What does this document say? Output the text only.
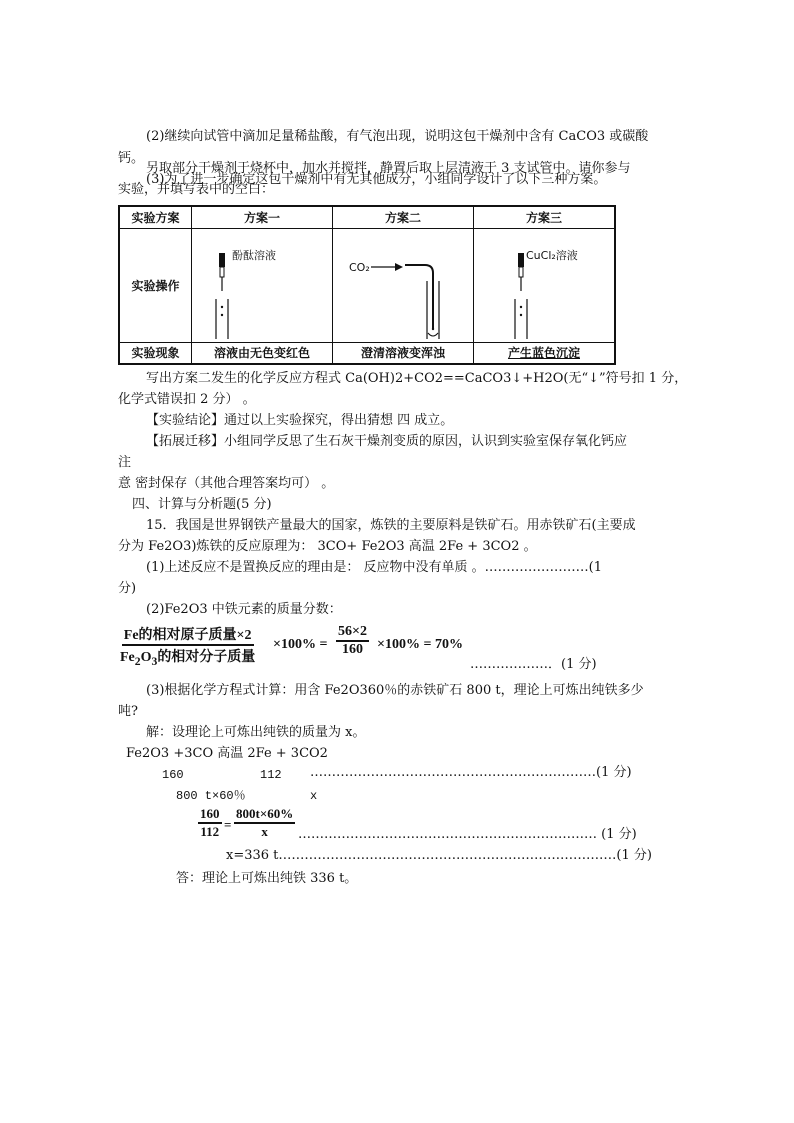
(2)继续向试管中滴加足量稀盐酸，有气泡出现，说明这包干燥剂中含有 CaCO3 或碳酸
钙。
(3)为了进一步确定这包干燥剂中有无其他成分，小组同学设计了以下三种方案。
另取部分干燥剂于烧杯中，加水并搅拌，静置后取上层清液于 3 支试管中。请你参与
实验，并填写表中的空白：
实验方案	方案一	方案二	方案三
实验操作	酚酞溶液	CO₂	CuCl₂溶液

实验现象	溶液由无色变红色	澄清溶液变浑浊	产生蓝色沉淀
写出方案二发生的化学反应方程式 Ca(OH)2+CO2==CaCO3↓+H2O(无“↓”符号扣 1 分，
化学式错误扣 2 分） 。
【实验结论】通过以上实验探究，得出猜想 四 成立。
【拓展迁移】小组同学反思了生石灰干燥剂变质的原因，认识到实验室保存氧化钙应
注
意 密封保存（其他合理答案均可） 。
四、计算与分析题(5 分)
15．我国是世界钢铁产量最大的国家，炼铁的主要原料是铁矿石。用赤铁矿石(主要成
分为 Fe2O3)炼铁的反应原理为： 3CO+ Fe2O3 高温 2Fe + 3CO2 。
(1)上述反应不是置换反应的理由是： 反应物中没有单质 。……………………(1
分)
(2)Fe2O3 中铁元素的质量分数：
Fe的相对原子质量×2
$Fe_2O_3$的相对分子质量
$\times 100\% = \frac{56\times 2}{160} \times 100\% = 70\%$
………………．(1 分)
(3)根据化学方程式计算：用含 Fe2O360％的赤铁矿石 800 t，理论上可炼出纯铁多少
吨?
解：设理论上可炼出纯铁的质量为 x。
Fe2O3 +3CO 高温 2Fe + 3CO2
160	112 …………………………………………………………(1 分)
800 t×60％	x
$\frac{160}{112} = \frac{800t\times 60\%}{x}$ …………………………………………………………… (1 分)
x=336 t……………………………………………………………………(1 分)
答：理论上可炼出纯铁 336 t。
